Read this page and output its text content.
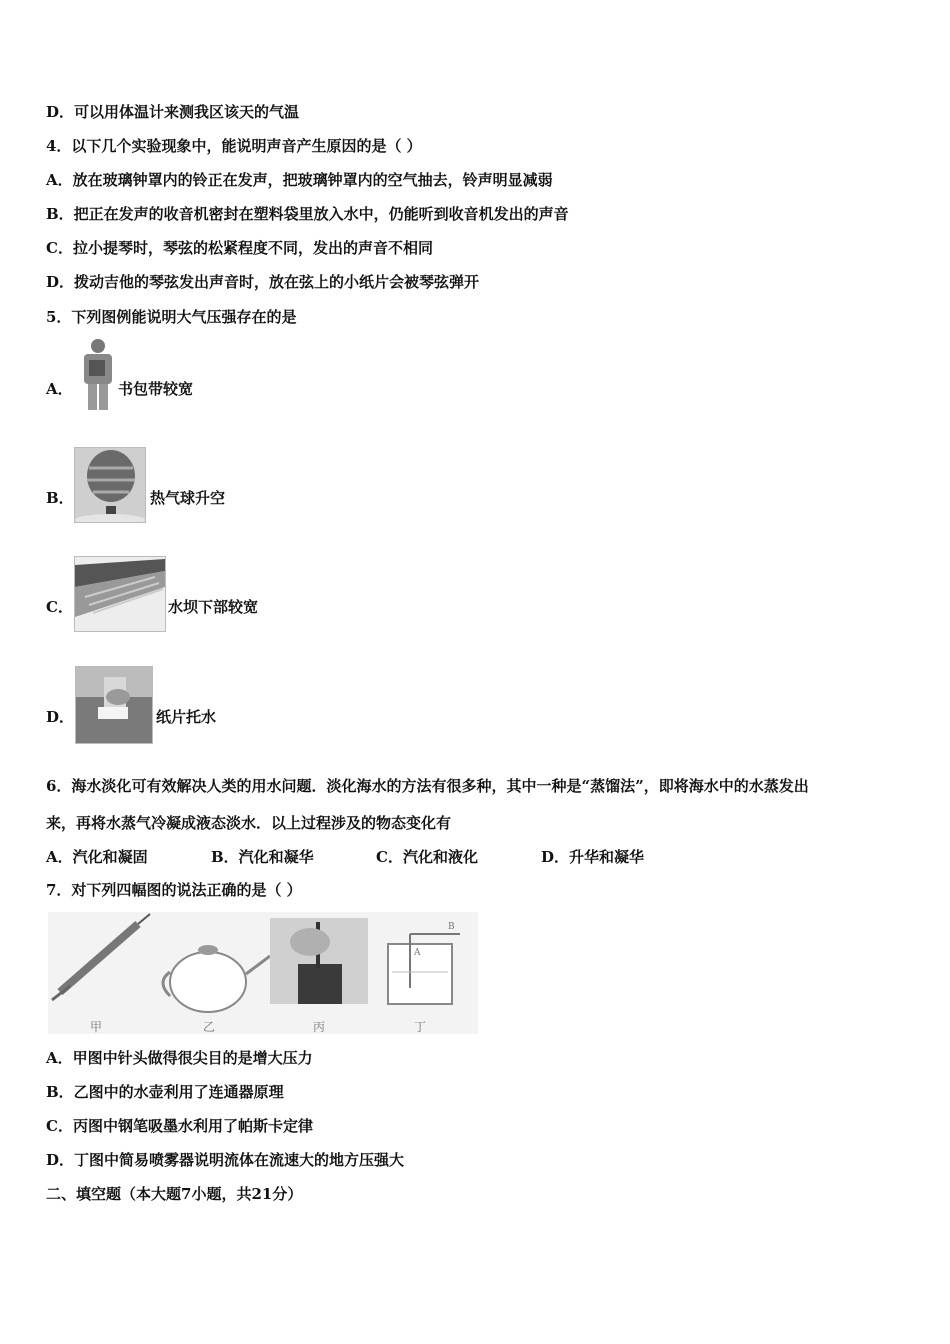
D．可以用体温计来测我区该天的气温
4．以下几个实验现象中，能说明声音产生原因的是（ ）
A．放在玻璃钟罩内的铃正在发声，把玻璃钟罩内的空气抽去，铃声明显减弱
B．把正在发声的收音机密封在塑料袋里放入水中，仍能听到收音机发出的声音
C．拉小提琴时，琴弦的松紧程度不同，发出的声音不相同
D．拨动吉他的琴弦发出声音时，放在弦上的小纸片会被琴弦弹开
5．下列图例能说明大气压强存在的是
A．	书包带较宽
B．	热气球升空
C．	水坝下部较宽
D．	纸片托水
6．海水淡化可有效解决人类的用水问题．淡化海水的方法有很多种，其中一种是“蒸馏法”，即将海水中的水蒸发出
来，再将水蒸气冷凝成液态淡水．以上过程涉及的物态变化有
A．汽化和凝固	B．汽化和凝华	C．汽化和液化	D．升华和凝华
7．对下列四幅图的说法正确的是（ ）
甲	乙	丙	丁
B
A
A．甲图中针头做得很尖目的是增大压力
B．乙图中的水壶利用了连通器原理
C．丙图中钢笔吸墨水利用了帕斯卡定律
D．丁图中简易喷雾器说明流体在流速大的地方压强大
二、填空题（本大题7小题，共21分）
